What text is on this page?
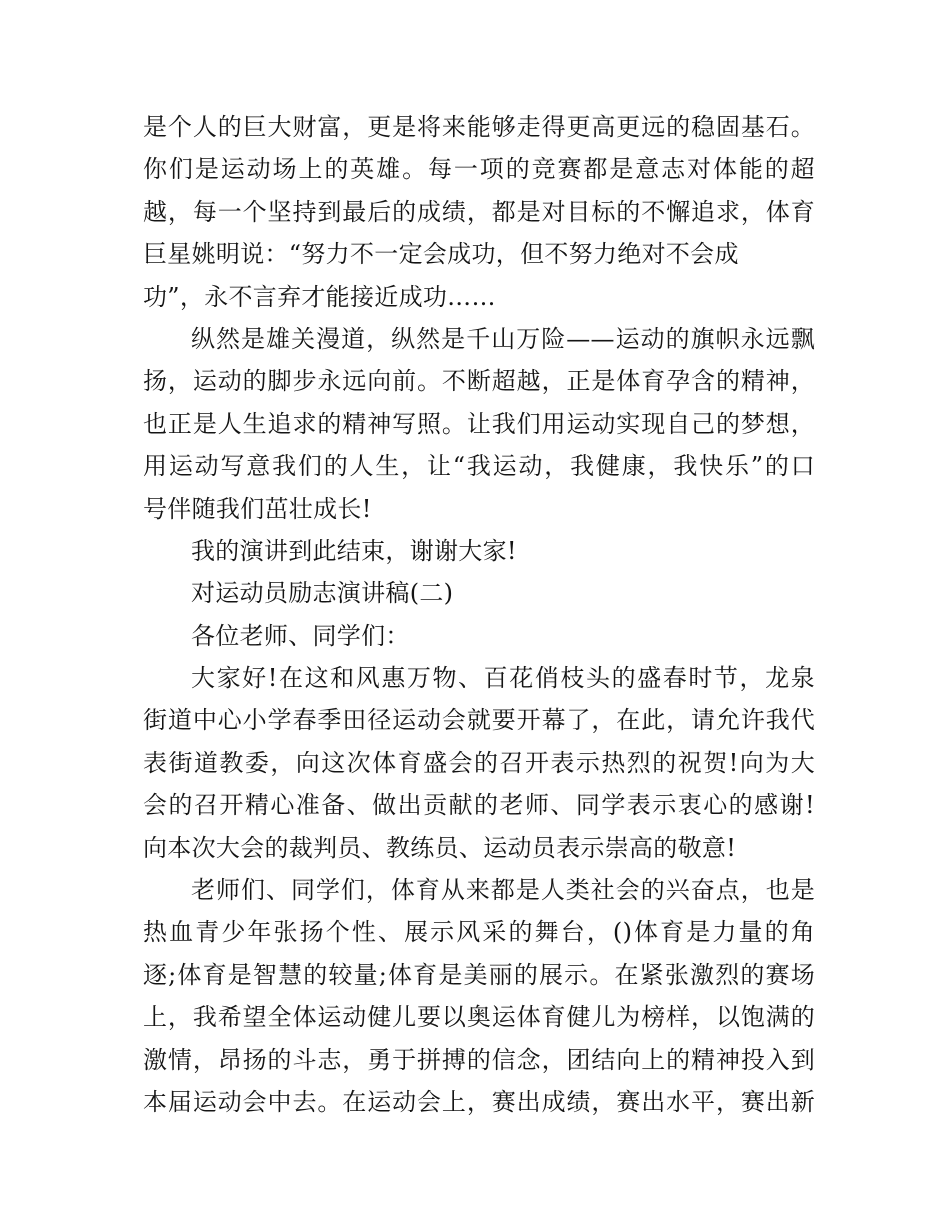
是个人的巨大财富，更是将来能够走得更高更远的稳固基石。
你们是运动场上的英雄。每一项的竞赛都是意志对体能的超
越，每一个坚持到最后的成绩，都是对目标的不懈追求，体育
巨星姚明说：“努力不一定会成功，但不努力绝对不会成
功”，永不言弃才能接近成功……
纵然是雄关漫道，纵然是千山万险——运动的旗帜永远飘
扬，运动的脚步永远向前。不断超越，正是体育孕含的精神，
也正是人生追求的精神写照。让我们用运动实现自己的梦想，
用运动写意我们的人生，让“我运动，我健康，我快乐”的口
号伴随我们茁壮成长!
我的演讲到此结束，谢谢大家!
对运动员励志演讲稿(二)
各位老师、同学们：
大家好!在这和风惠万物、百花俏枝头的盛春时节，龙泉
街道中心小学春季田径运动会就要开幕了，在此，请允许我代
表街道教委，向这次体育盛会的召开表示热烈的祝贺!向为大
会的召开精心准备、做出贡献的老师、同学表示衷心的感谢!
向本次大会的裁判员、教练员、运动员表示崇高的敬意!
老师们、同学们，体育从来都是人类社会的兴奋点，也是
热血青少年张扬个性、展示风采的舞台，()体育是力量的角
逐;体育是智慧的较量;体育是美丽的展示。在紧张激烈的赛场
上，我希望全体运动健儿要以奥运体育健儿为榜样，以饱满的
激情，昂扬的斗志，勇于拼搏的信念，团结向上的精神投入到
本届运动会中去。在运动会上，赛出成绩，赛出水平，赛出新
